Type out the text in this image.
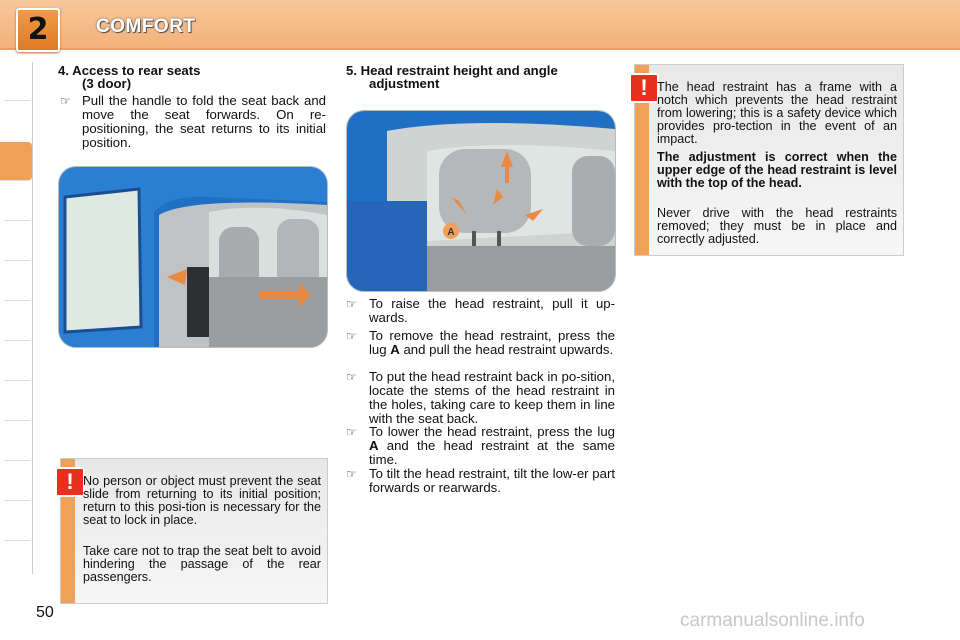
2	COMFORT
4. Access to rear seats
(3 door)
☞ Pull the handle to fold the seat back and move the seat forwards. On re-positioning, the seat returns to its initial position.
! No person or object must prevent the seat slide from returning to its initial position; return to this posi-tion is necessary for the seat to lock in place.
Take care not to trap the seat belt to avoid hindering the passage of the rear passengers.
5. Head restraint height and angle
adjustment
A
☞ To raise the head restraint, pull it up-wards.
☞ To remove the head restraint, press the lug A and pull the head restraint upwards.
☞ To put the head restraint back in po-sition, locate the stems of the head restraint in the holes, taking care to keep them in line with the seat back.
☞ To lower the head restraint, press the lug A and the head restraint at the same time.
☞ To tilt the head restraint, tilt the low-er part forwards or rearwards.
! The head restraint has a frame with a notch which prevents the head restraint from lowering; this is a safety device which provides pro-tection in the event of an impact.
The adjustment is correct when the upper edge of the head restraint is level with the top of the head.
Never drive with the head restraints removed; they must be in place and correctly adjusted.
50	carmanualsonline.info
